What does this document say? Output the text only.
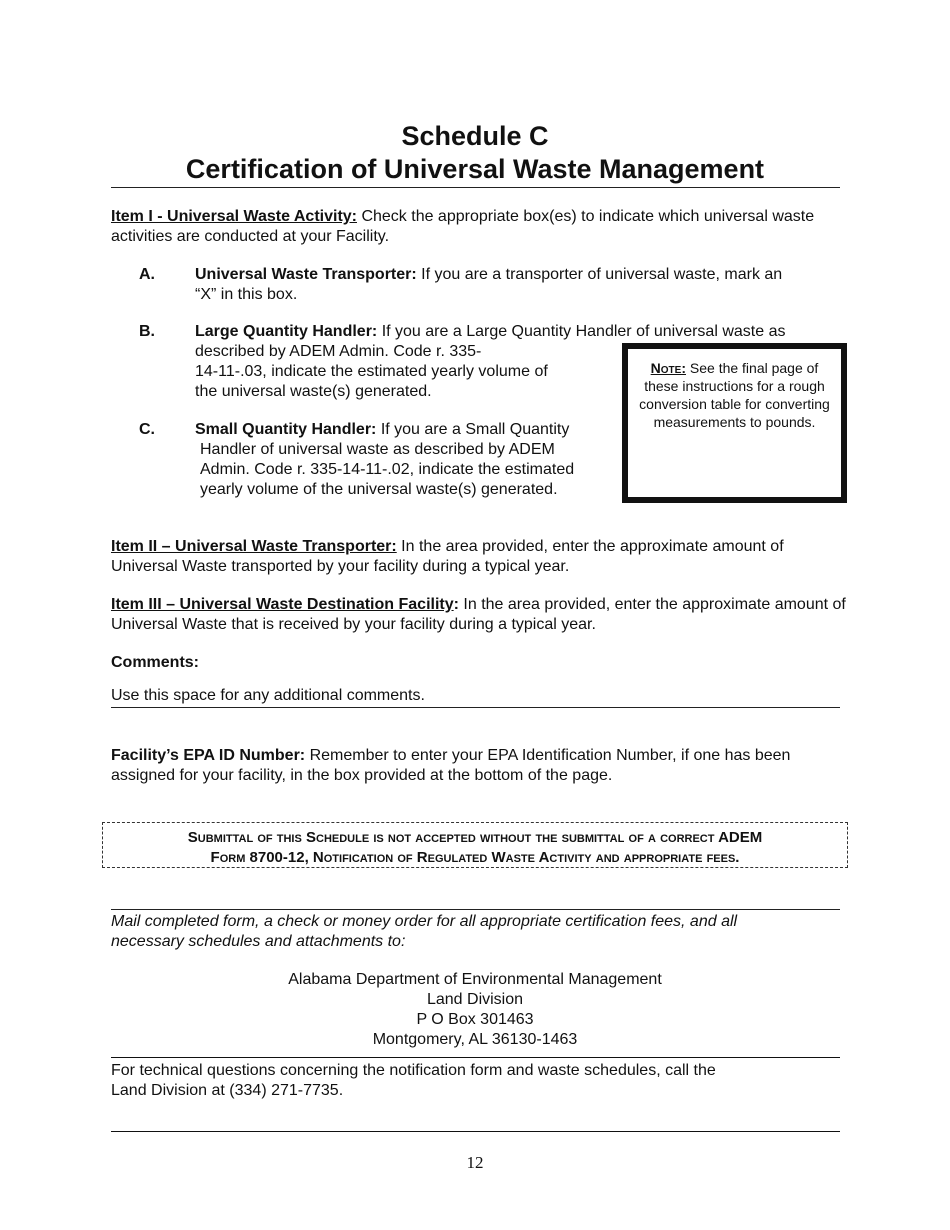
Schedule C
Certification of Universal Waste Management

Item I - Universal Waste Activity: Check the appropriate box(es) to indicate which universal waste activities are conducted at your Facility.

A.	Universal Waste Transporter: If you are a transporter of universal waste, mark an
“X” in this box.
B.	Large Quantity Handler: If you are a Large Quantity Handler of universal waste as
described by ADEM Admin. Code r. 335-
14-11-.03, indicate the estimated yearly volume of
the universal waste(s) generated.
C.	Small Quantity Handler: If you are a Small Quantity
Handler of universal waste as described by ADEM
Admin. Code r. 335-14-11-.02, indicate the estimated
yearly volume of the universal waste(s) generated.
Note: See the final page of these instructions for a rough conversion table for converting measurements to pounds.

Item II – Universal Waste Transporter: In the area provided, enter the approximate amount of Universal Waste transported by your facility during a typical year.

Item III – Universal Waste Destination Facility: In the area provided, enter the approximate amount of Universal Waste that is received by your facility during a typical year.

Comments:
Use this space for any additional comments.

Facility’s EPA ID Number: Remember to enter your EPA Identification Number, if one has been assigned for your facility, in the box provided at the bottom of the page.

Submittal of this Schedule is not accepted without the submittal of a correct ADEM
Form 8700-12, Notification of Regulated Waste Activity and appropriate fees.

Mail completed form, a check or money order for all appropriate certification fees, and all necessary schedules and attachments to:

Alabama Department of Environmental Management
Land Division
P O Box 301463
Montgomery, AL 36130-1463
For technical questions concerning the notification form and waste schedules, call the
Land Division at (334) 271-7735.
12
